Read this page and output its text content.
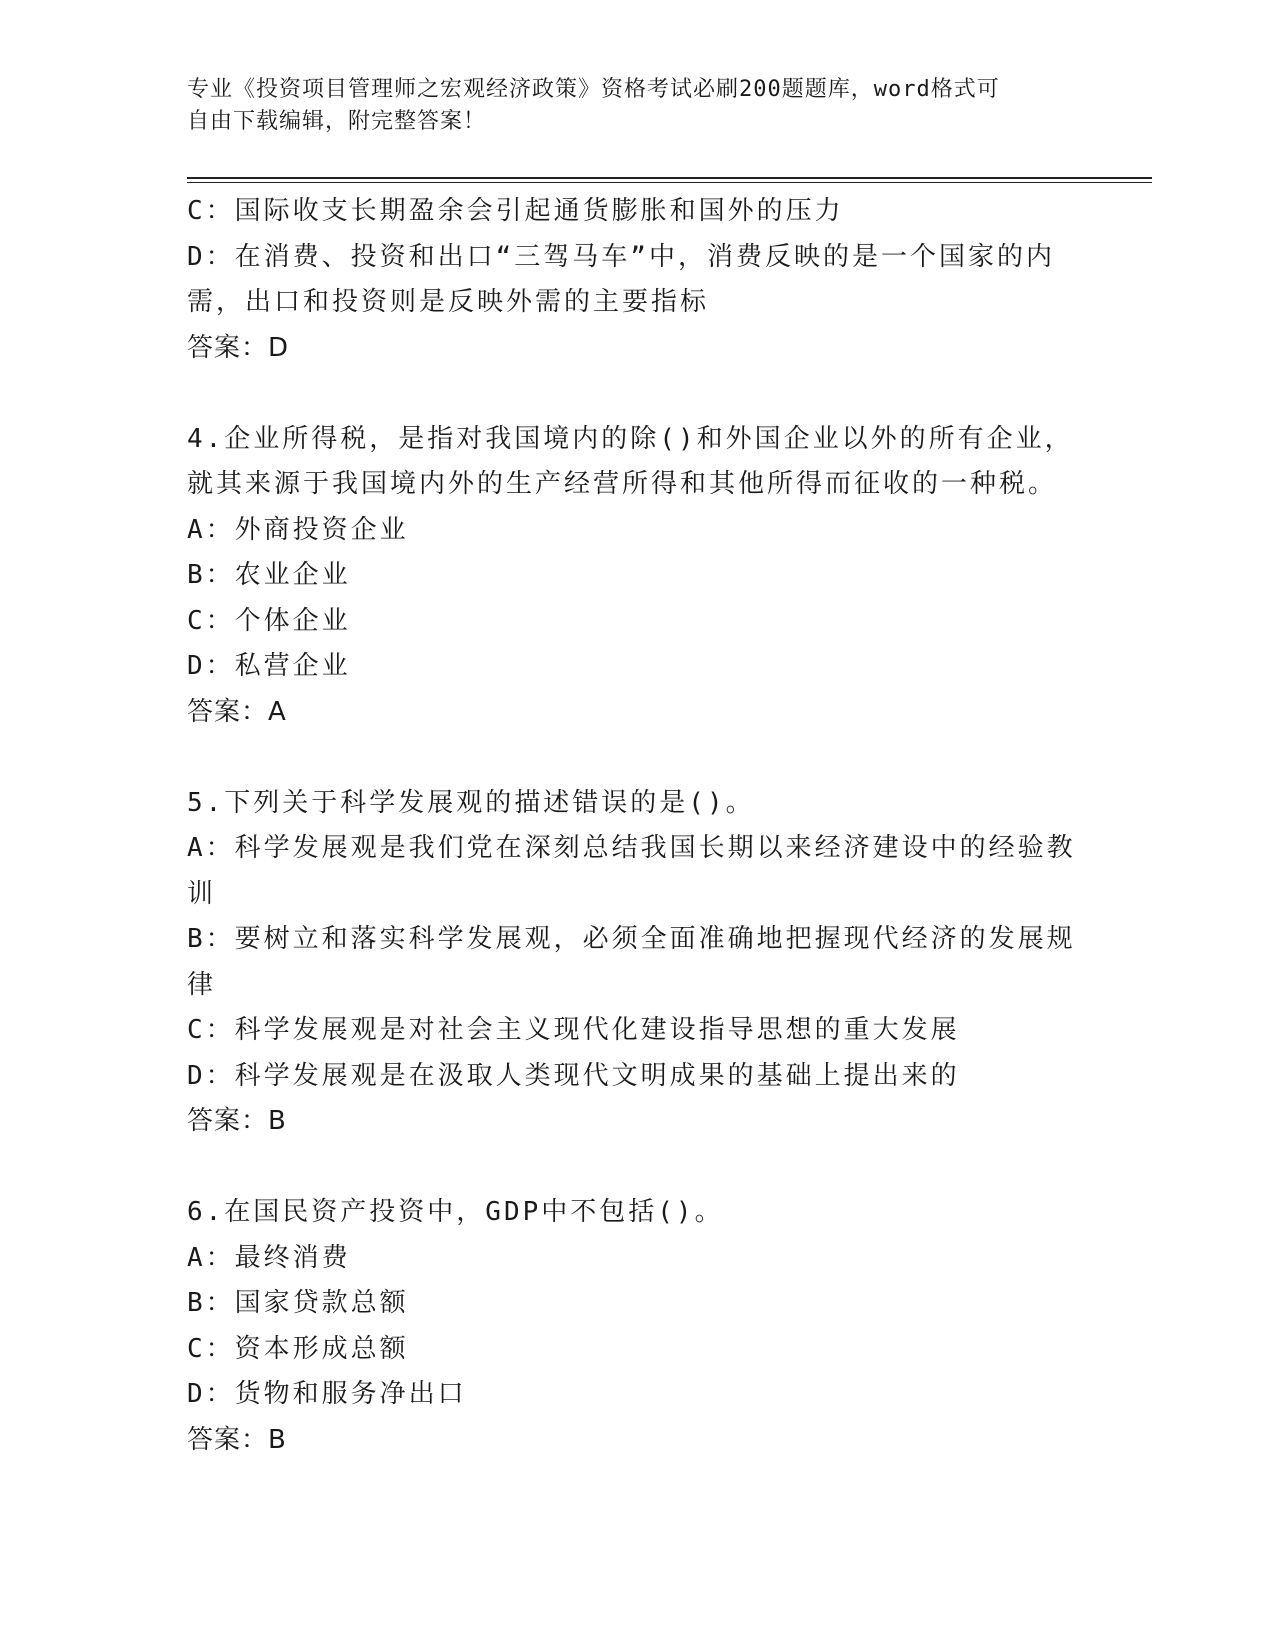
专业《投资项目管理师之宏观经济政策》资格考试必刷200题题库，word格式可
自由下载编辑，附完整答案！
C：国际收支长期盈余会引起通货膨胀和国外的压力
D：在消费、投资和出口“三驾马车”中，消费反映的是一个国家的内
需，出口和投资则是反映外需的主要指标
答案：D
4.企业所得税，是指对我国境内的除()和外国企业以外的所有企业，
就其来源于我国境内外的生产经营所得和其他所得而征收的一种税。
A：外商投资企业
B：农业企业
C：个体企业
D：私营企业
答案：A
5.下列关于科学发展观的描述错误的是()。
A：科学发展观是我们党在深刻总结我国长期以来经济建设中的经验教
训
B：要树立和落实科学发展观，必须全面准确地把握现代经济的发展规
律
C：科学发展观是对社会主义现代化建设指导思想的重大发展
D：科学发展观是在汲取人类现代文明成果的基础上提出来的
答案：B
6.在国民资产投资中，GDP中不包括()。
A：最终消费
B：国家贷款总额
C：资本形成总额
D：货物和服务净出口
答案：B
